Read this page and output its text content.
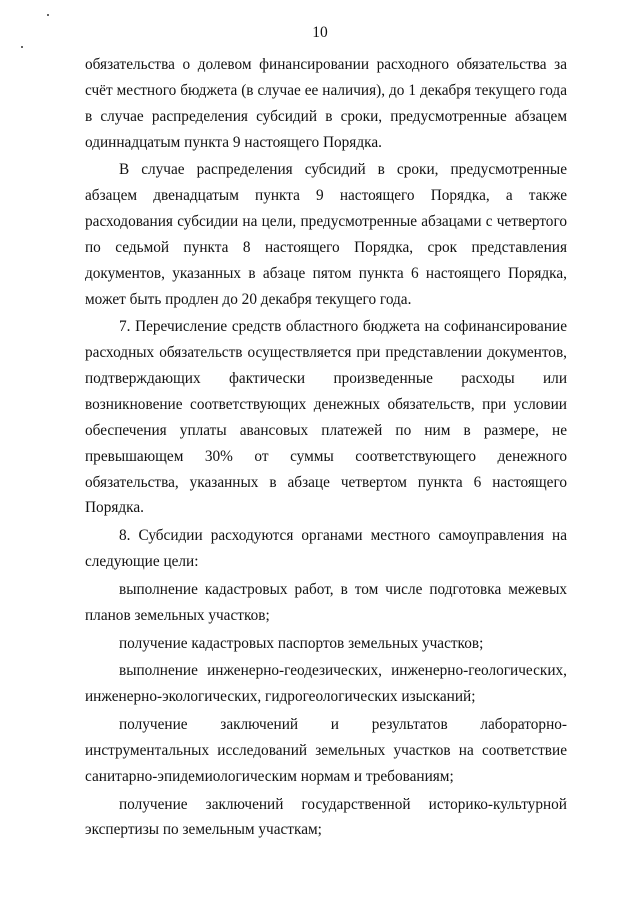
10

обязательства о долевом финансировании расходного обязательства за счёт местного бюджета (в случае ее наличия), до 1 декабря текущего года в случае распределения субсидий в сроки, предусмотренные абзацем одиннадцатым пункта 9 настоящего Порядка.

В случае распределения субсидий в сроки, предусмотренные абзацем двенадцатым пункта 9 настоящего Порядка, а также расходования субсидии на цели, предусмотренные абзацами с четвертого по седьмой пункта 8 настоящего Порядка, срок представления документов, указанных в абзаце пятом пункта 6 настоящего Порядка, может быть продлен до 20 декабря текущего года.

7. Перечисление средств областного бюджета на софинансирование расходных обязательств осуществляется при представлении документов, подтверждающих фактически произведенные расходы или возникновение соответствующих денежных обязательств, при условии обеспечения уплаты авансовых платежей по ним в размере, не превышающем 30% от суммы соответствующего денежного обязательства, указанных в абзаце четвертом пункта 6 настоящего Порядка.

8. Субсидии расходуются органами местного самоуправления на следующие цели:

выполнение кадастровых работ, в том числе подготовка межевых планов земельных участков;

получение кадастровых паспортов земельных участков;

выполнение инженерно-геодезических, инженерно-геологических, инженерно-экологических, гидрогеологических изысканий;

получение заключений и результатов лабораторно-инструментальных исследований земельных участков на соответствие санитарно-эпидемиологическим нормам и требованиям;

получение заключений государственной историко-культурной экспертизы по земельным участкам;
